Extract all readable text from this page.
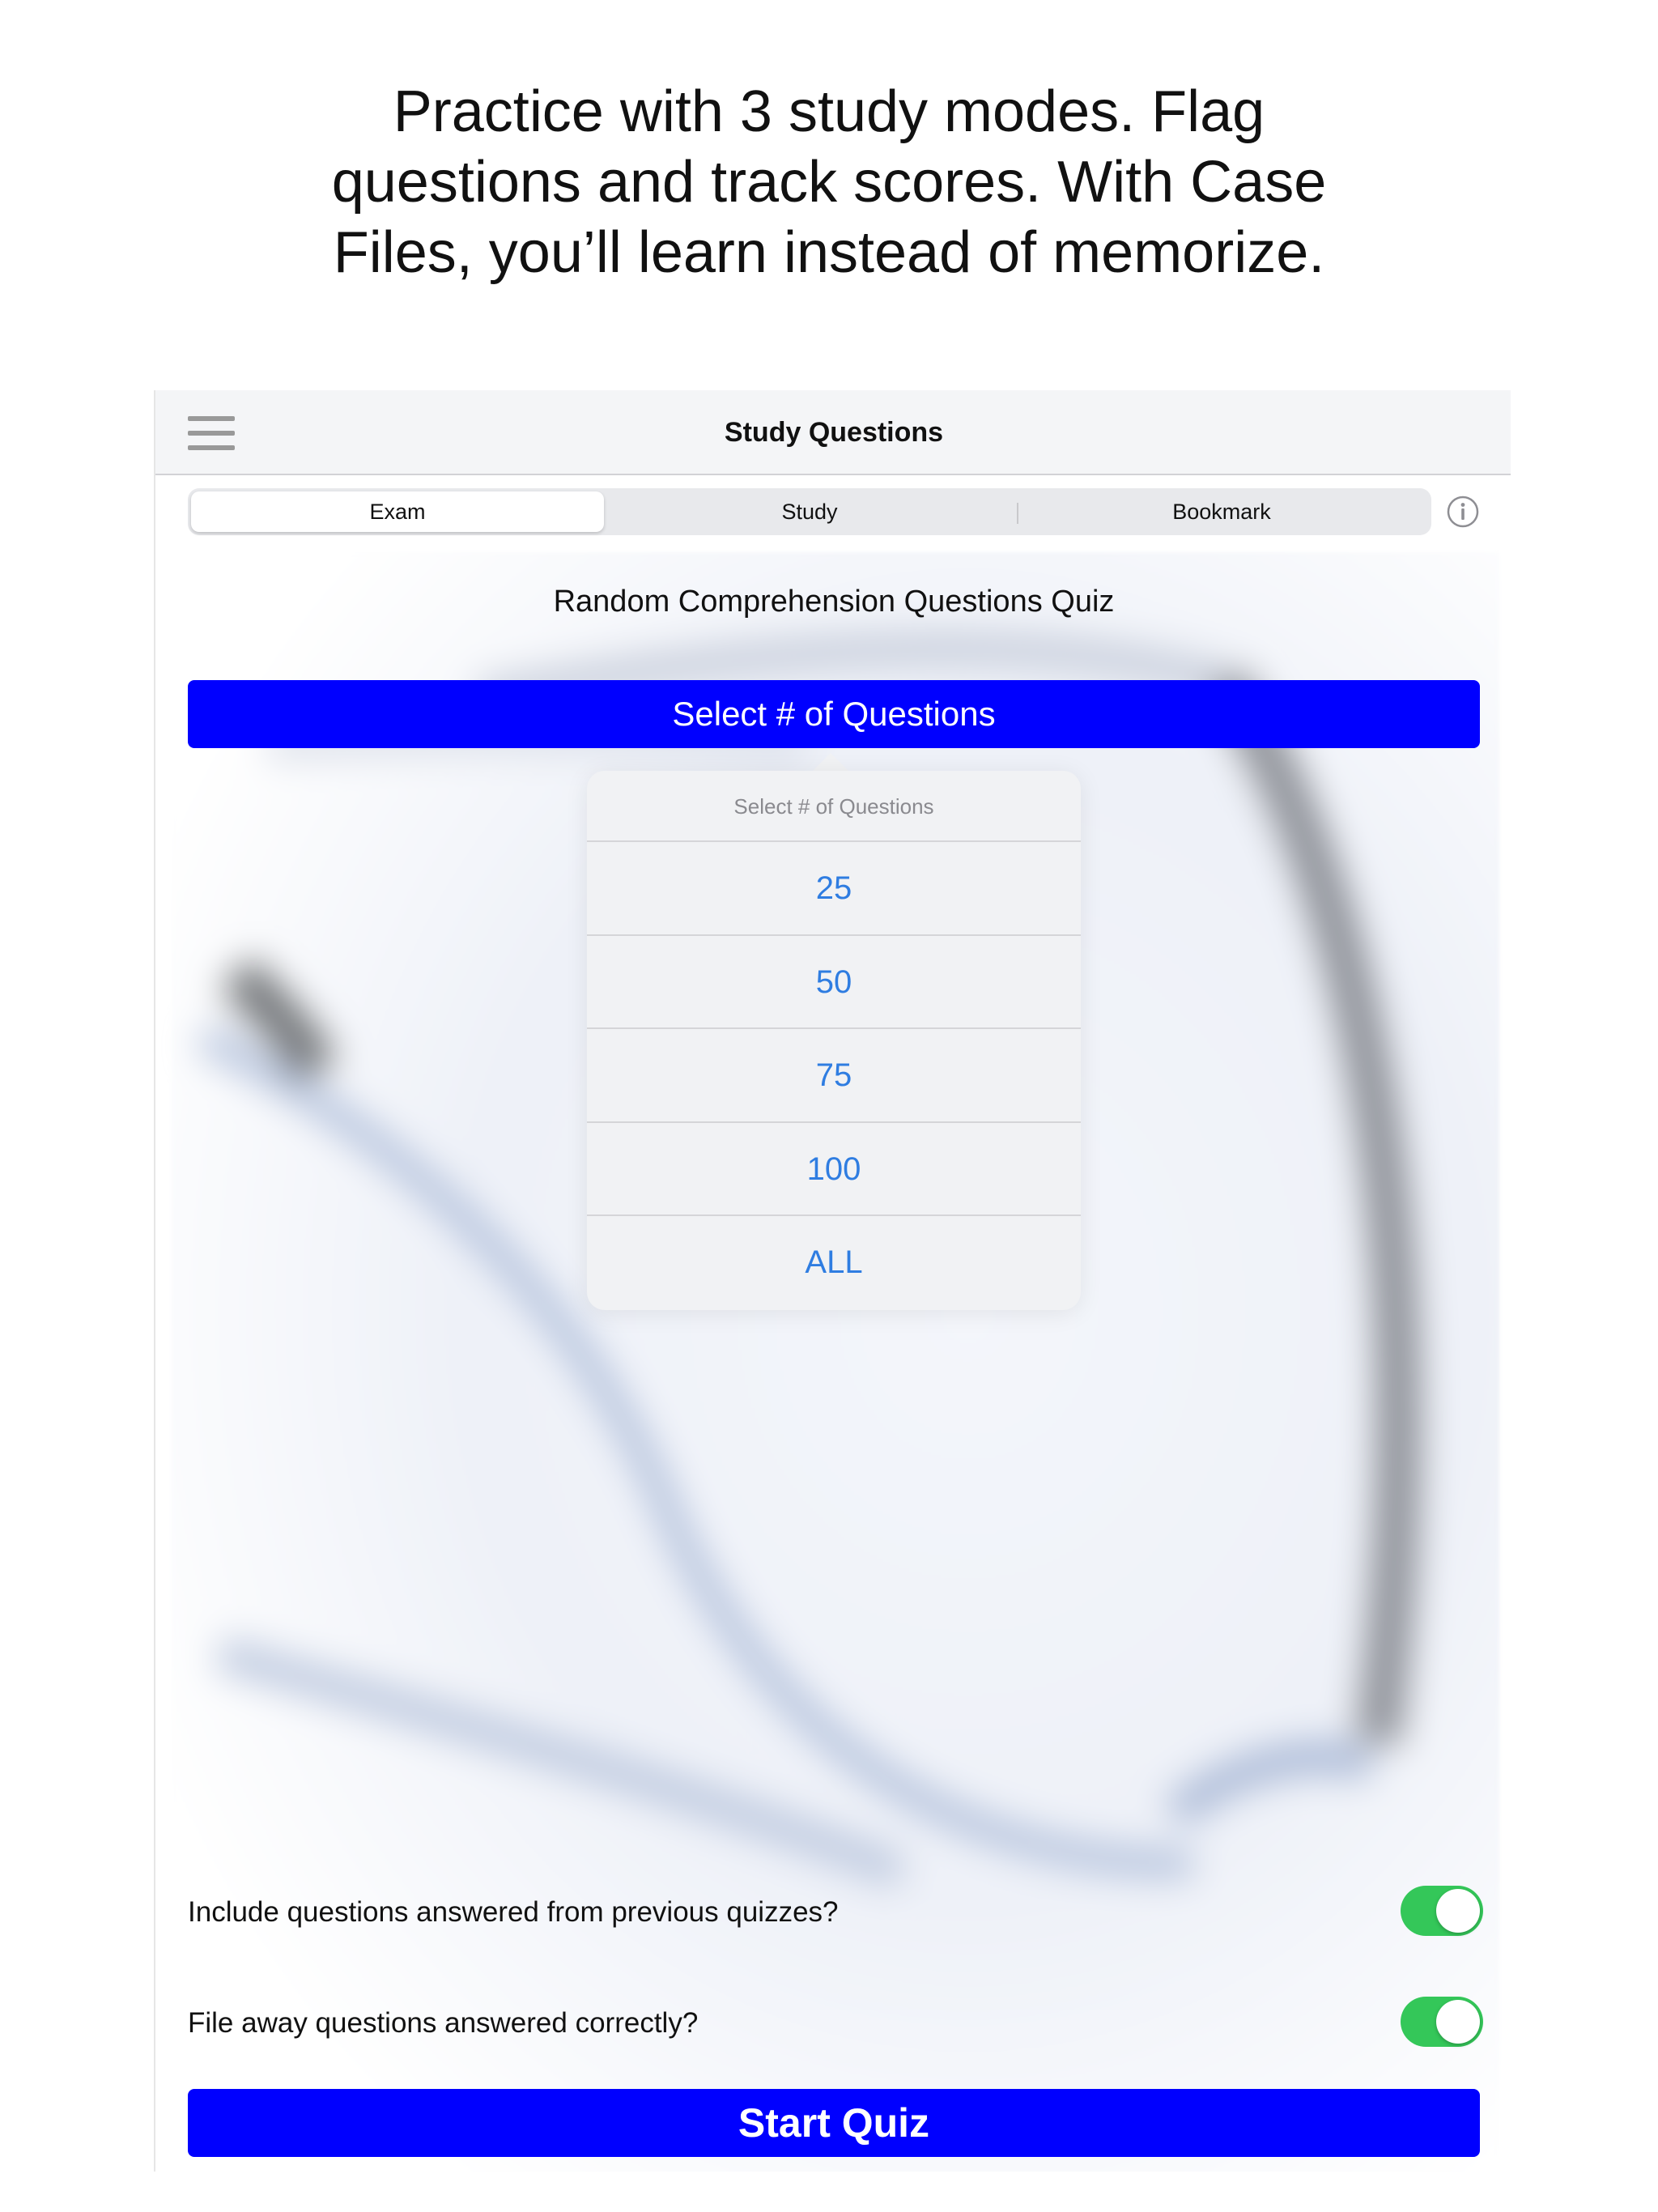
Practice with 3 study modes. Flag
questions and track scores. With Case
Files, you’ll learn instead of memorize.
Study Questions
Exam	Study	Bookmark
Random Comprehension Questions Quiz
Select # of Questions
Select # of Questions
25
50
75
100
ALL
Include questions answered from previous quizzes?
File away questions answered correctly?
Start Quiz
